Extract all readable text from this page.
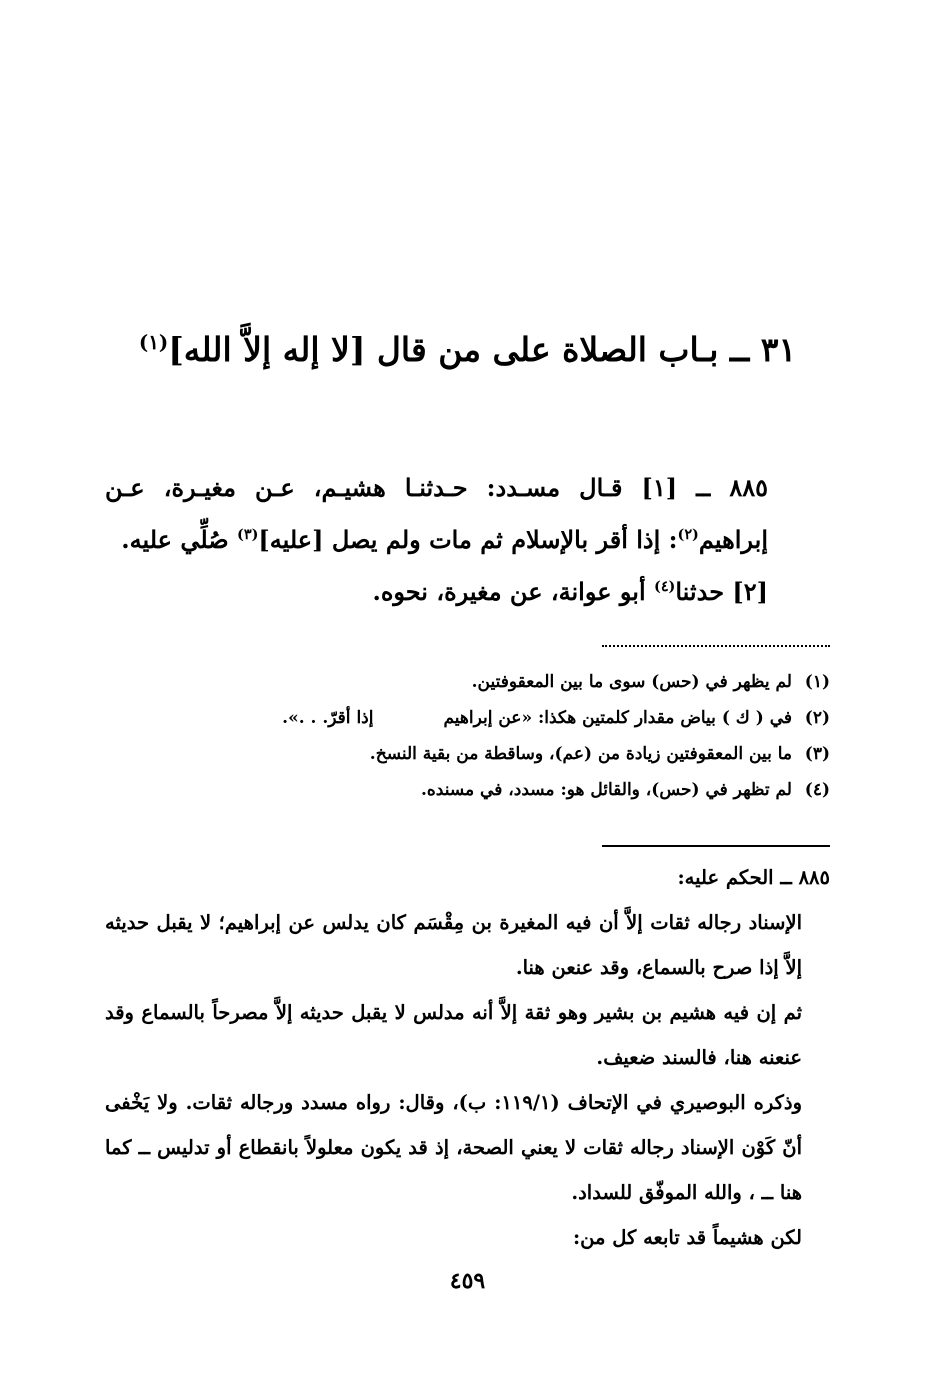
٣١ ــ بـاب الصلاة على من قال [لا إله إلاَّ الله]$^{(١)}$

٨٨٥ ــ [١] قـال مسـدد: حـدثنـا هشيـم، عـن مغيـرة، عـن إبراهيم$^{(٢)}$: إذا أقر بالإسلام ثم مات ولم يصل [عليه]$^{(٣)}$ صُلِّي عليه.

[٢] حدثنا$^{(٤)}$ أبو عوانة، عن مغيرة، نحوه.

(١)لم يظهر في (حس) سوى ما بين المعقوفتين.

(٢)في ( ك ) بياض مقدار كلمتين هكذا: «عن إبراهيمإذا أقرّ. . .».

(٣)ما بين المعقوفتين زيادة من (عم)، وساقطة من بقية النسخ.

(٤)لم تظهر في (حس)، والقائل هو: مسدد، في مسنده.

٨٨٥ ــ الحكم عليه:

الإسناد رجاله ثقات إلاَّ أن فيه المغيرة بن مِقْسَم كان يدلس عن إبراهيم؛ لا يقبل حديثه إلاَّ إذا صرح بالسماع، وقد عنعن هنا.

ثم إن فيه هشيم بن بشير وهو ثقة إلاَّ أنه مدلس لا يقبل حديثه إلاَّ مصرحاً بالسماع وقد عنعنه هنا، فالسند ضعيف.

وذكره البوصيري في الإتحاف (١١٩/١: ب)، وقال: رواه مسدد ورجاله ثقات. ولا يَخْفى أنّ كَوْن الإسناد رجاله ثقات لا يعني الصحة، إذ قد يكون معلولاً بانقطاع أو تدليس ــ كما هنا ــ ، والله الموفّق للسداد.

لكن هشيماً قد تابعه كل من:

٤٥٩
